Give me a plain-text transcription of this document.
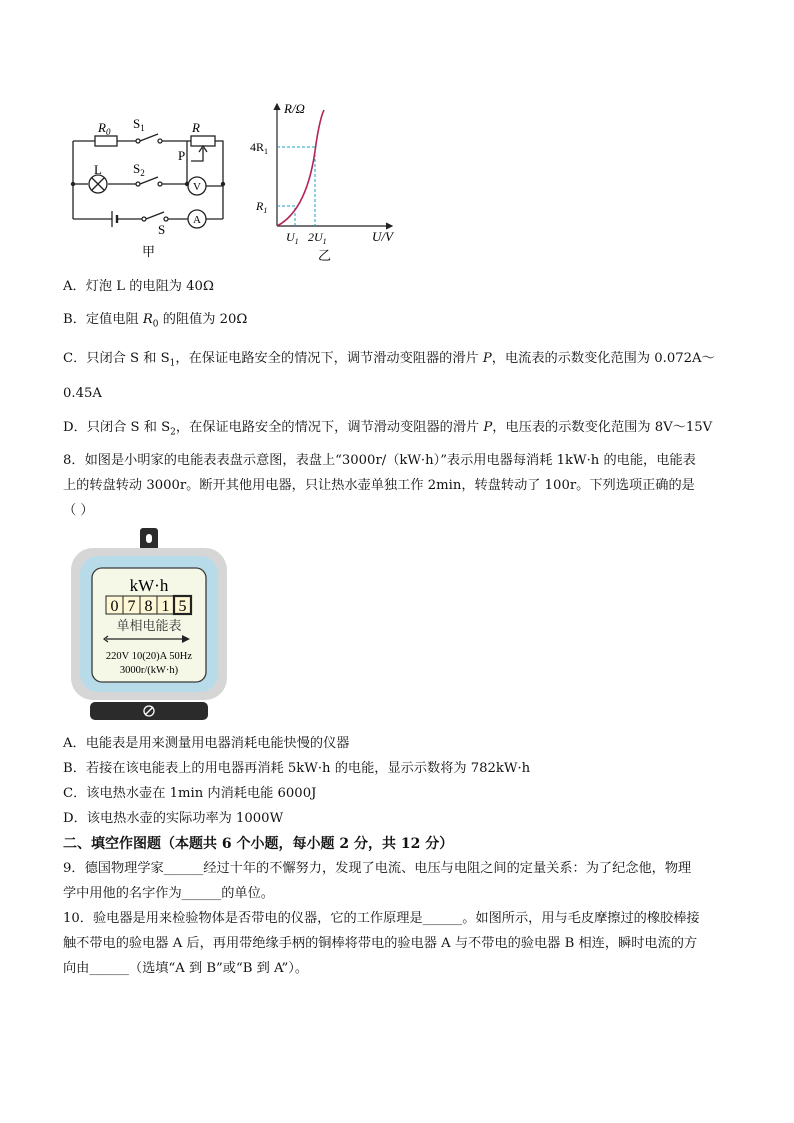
$R_0$
$S_1$	R
P
L $S_2$
V
A
S
甲
R/Ω
$4R_1$
$R_1$
$U_1$ $2U_1$	U/V
乙
A．灯泡 L 的电阻为 40Ω
B．定值电阻 $R_0$ 的阻值为 20Ω
C．只闭合 S 和 $S_1$，在保证电路安全的情况下，调节滑动变阻器的滑片 P，电流表的示数变化范围为 0.072A～
0.45A
D．只闭合 S 和 $S_2$，在保证电路安全的情况下，调节滑动变阻器的滑片 P，电压表的示数变化范围为 8V～15V
8．如图是小明家的电能表表盘示意图，表盘上“3000r/（kW·h）”表示用电器每消耗 1kW·h 的电能，电能表
上的转盘转动 3000r。断开其他用电器，只让热水壶单独工作 2min，转盘转动了 100r。下列选项正确的是
（ ）
kW·h
0 7 8 1 5
单相电能表
220V 10(20)A 50Hz
3000r/(kW·h)
A．电能表是用来测量用电器消耗电能快慢的仪器
B．若接在该电能表上的用电器再消耗 5kW·h 的电能，显示示数将为 782kW·h
C．该电热水壶在 1min 内消耗电能 6000J
D．该电热水壶的实际功率为 1000W
二、填空作图题（本题共 6 个小题，每小题 2 分，共 12 分）
9．德国物理学家______经过十年的不懈努力，发现了电流、电压与电阻之间的定量关系：为了纪念他，物理
学中用他的名字作为______的单位。
10．验电器是用来检验物体是否带电的仪器，它的工作原理是______。如图所示，用与毛皮摩擦过的橡胶棒接
触不带电的验电器 A 后，再用带绝缘手柄的铜棒将带电的验电器 A 与不带电的验电器 B 相连，瞬时电流的方
向由______（选填“A 到 B”或“B 到 A”）。
